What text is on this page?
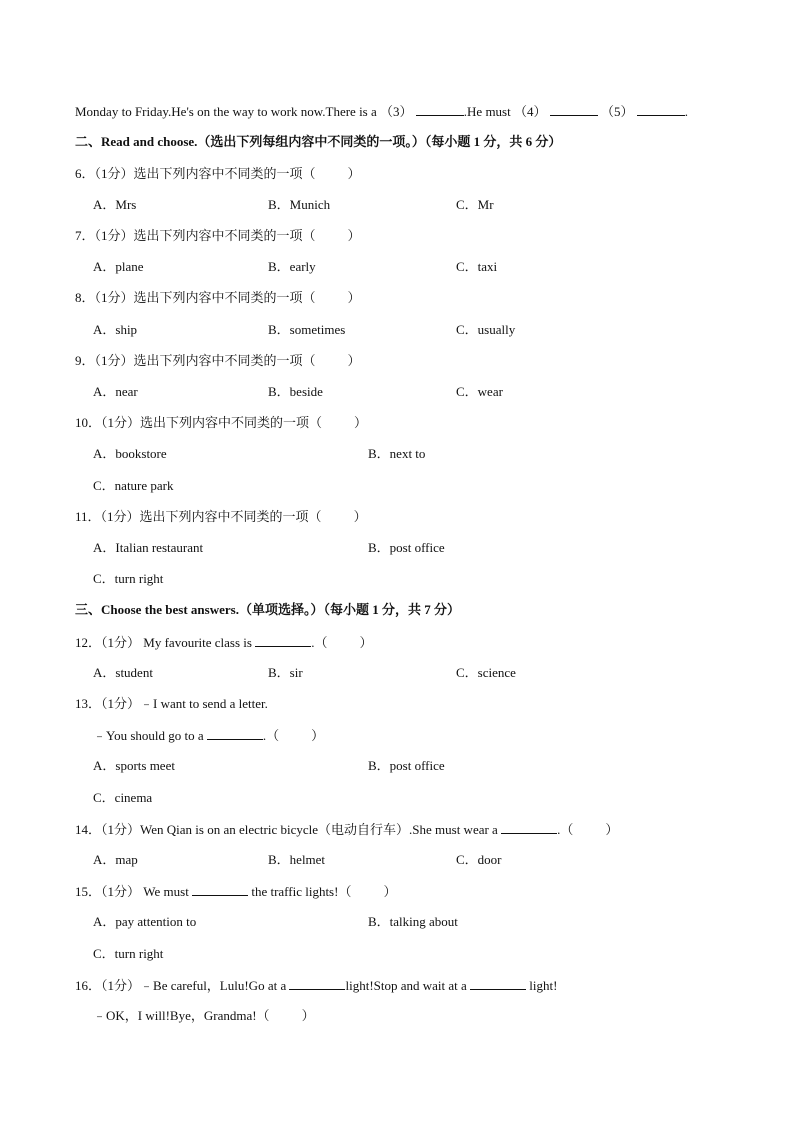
Monday to Friday.He's on the way to work now.There is a （3）	.He must （4）	（5）	.
二、Read and choose.（选出下列每组内容中不同类的一项。）（每小题 1 分，共 6 分）
6．（1分）选出下列内容中不同类的一项（ ）
A．Mrs	B．Munich	C．Mr
7．（1分）选出下列内容中不同类的一项（ ）
A．plane	B．early	C．taxi
8．（1分）选出下列内容中不同类的一项（ ）
A．ship	B．sometimes	C．usually
9．（1分）选出下列内容中不同类的一项（ ）
A．near	B．beside	C．wear
10．（1分）选出下列内容中不同类的一项（ ）
A．bookstore	B．next to
C．nature park
11．（1分）选出下列内容中不同类的一项（ ）
A．Italian restaurant	B．post office
C．turn right
三、Choose the best answers.（单项选择。）（每小题 1 分，共 7 分）
12．（1分） My favourite class is	.（ ）
A．student	B．sir	C．science
13．（1分）﹣I want to send a letter.
﹣You should go to a	.（ ）
A．sports meet	B．post office
C．cinema
14．（1分）Wen Qian is on an electric bicycle（电动自行车）.She must wear a	.（ ）
A．map	B．helmet	C．door
15．（1分） We must	the traffic lights!（ ）
A．pay attention to	B．talking about
C．turn right
16．（1分）﹣Be careful，Lulu!Go at a	light!Stop and wait at a	light!
﹣OK，I will!Bye，Grandma!（ ）
